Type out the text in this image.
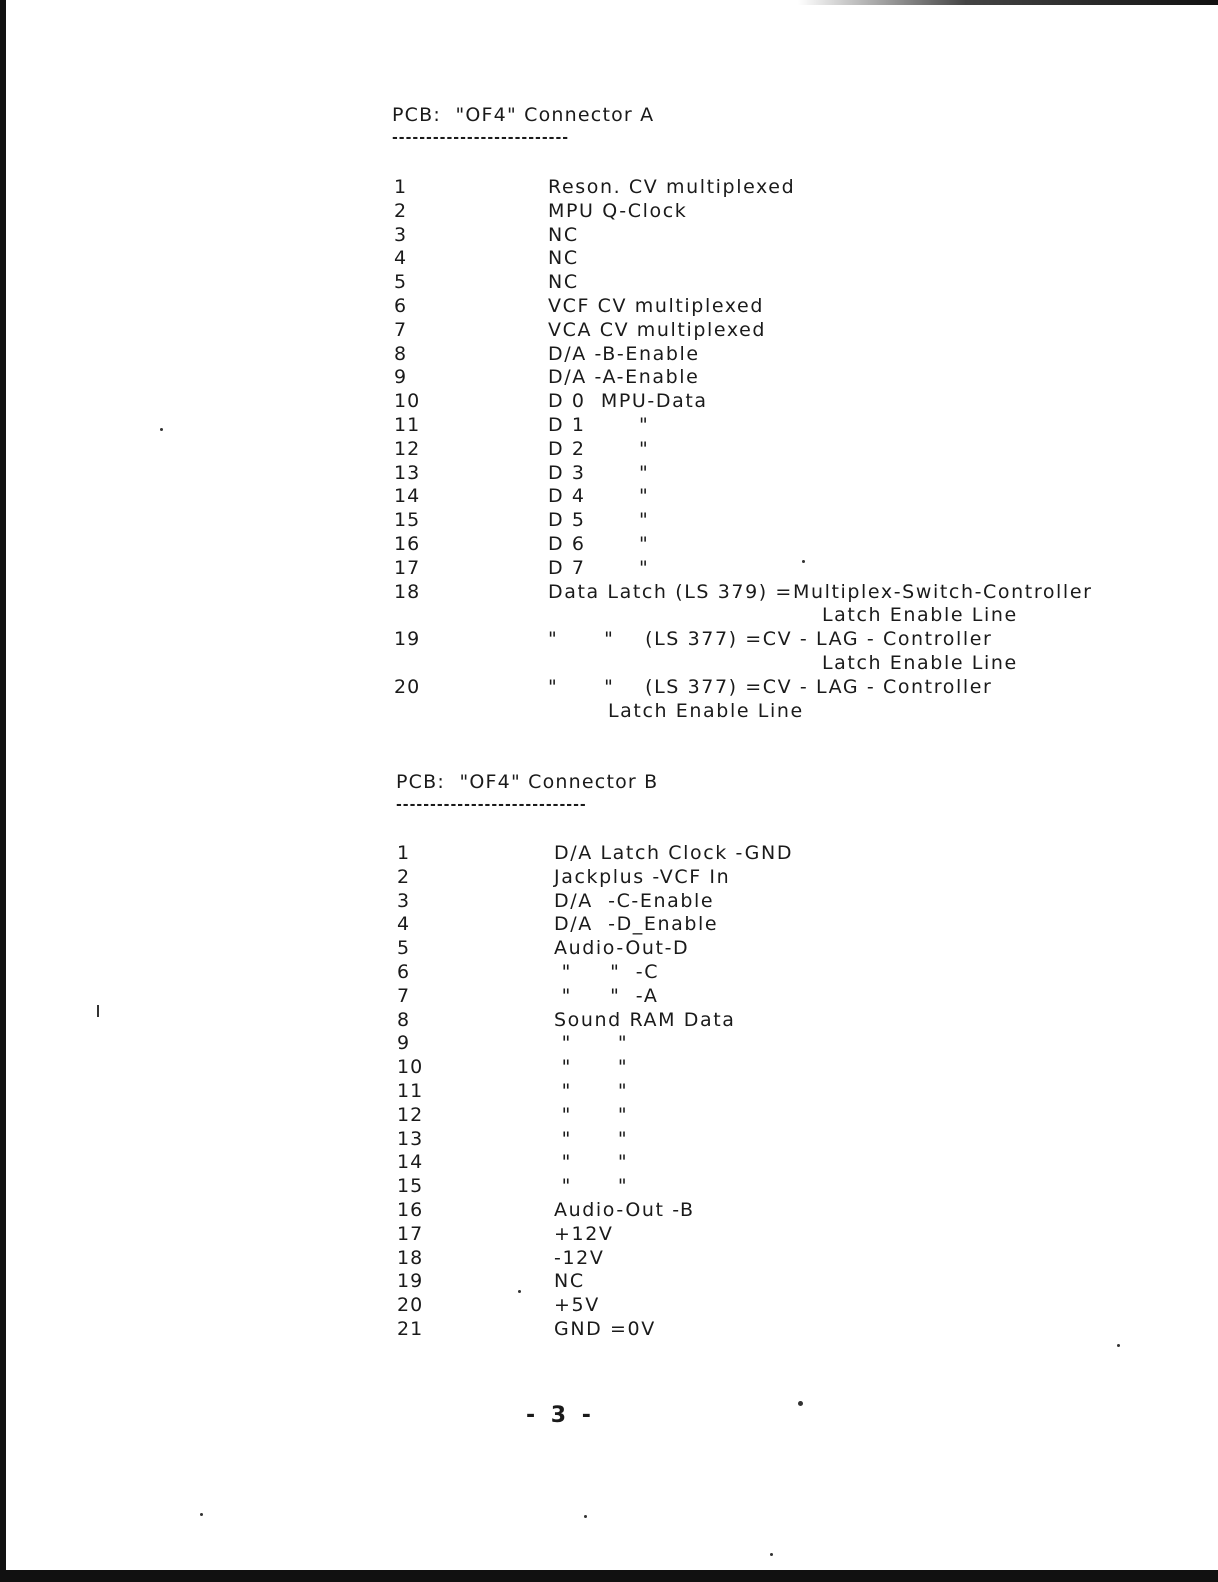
PCB:  "OF4" Connector A
--------------------------
1	Reson. CV multiplexed
2	MPU Q-Clock
3	NC
4	NC
5	NC
6	VCF CV multiplexed
7	VCA CV multiplexed
8	D/A -B-Enable
9	D/A -A-Enable
10	D 0  MPU-Data
11	D 1       "
12	D 2       "
13	D 3       "
14	D 4       "
15	D 5       "
16	D 6       "
17	D 7       "
18	Data Latch (LS 379) =Multiplex-Switch-Controller
Latch Enable Line
19	"      "    (LS 377) =CV - LAG - Controller
Latch Enable Line
20	"      "    (LS 377) =CV - LAG - Controller
Latch Enable Line
PCB:  "OF4" Connector B
----------------------------
1	D/A Latch Clock -GND
2	Jackplus -VCF In
3	D/A  -C-Enable
4	D/A  -D_Enable
5	Audio-Out-D
6	"     "  -C
7	"     "  -A
8	Sound RAM Data
9	"      "
10	"      "
11	"      "
12	"      "
13	"      "
14	"      "
15	"      "
16	Audio-Out -B
17	+12V
18	-12V
19	NC
20	+5V
21	GND =0V
- 3 -
